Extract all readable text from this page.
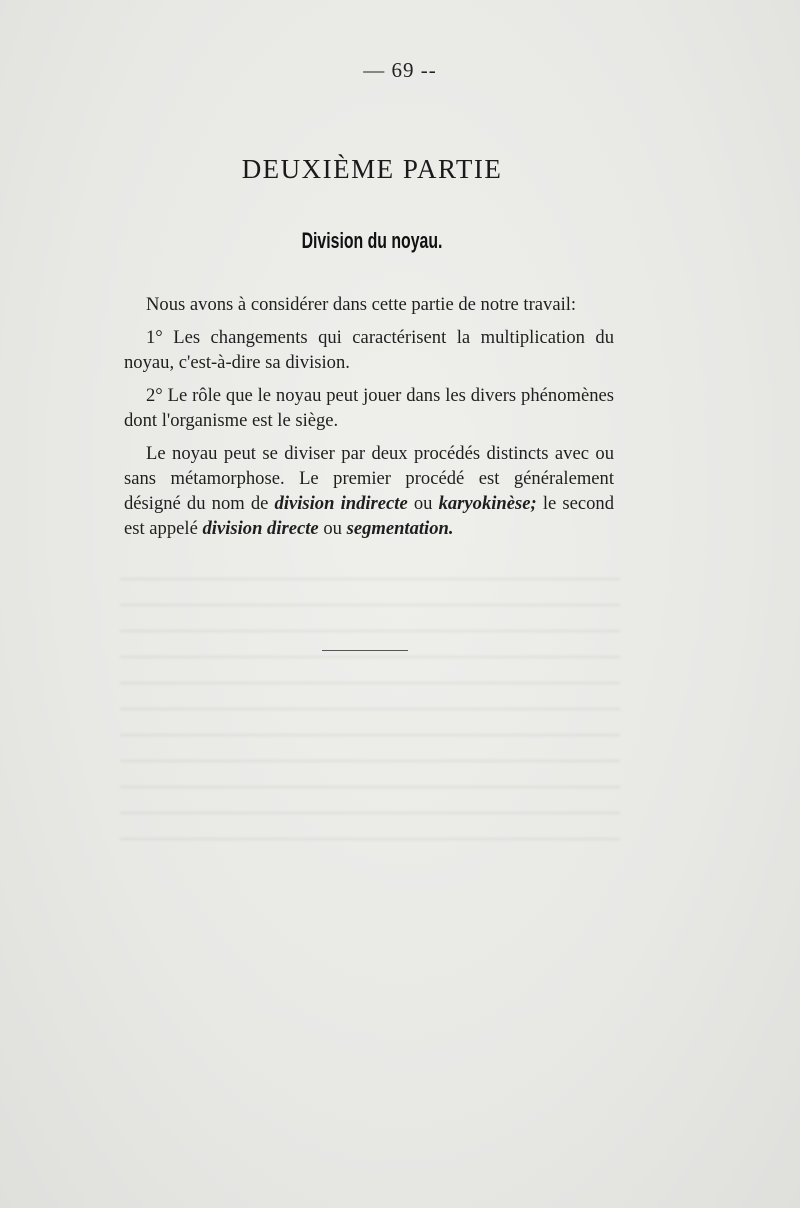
— 69 --
DEUXIÈME PARTIE
Division du noyau.

Nous avons à considérer dans cette partie de notre travail:

1° Les changements qui caractérisent la multiplication du noyau, c'est-à-dire sa division.

2° Le rôle que le noyau peut jouer dans les divers phénomènes dont l'organisme est le siège.

Le noyau peut se diviser par deux procédés distincts avec ou sans métamorphose. Le premier procédé est généralement désigné du nom de division indirecte ou karyokinèse; le second est appelé division directe ou segmentation.
